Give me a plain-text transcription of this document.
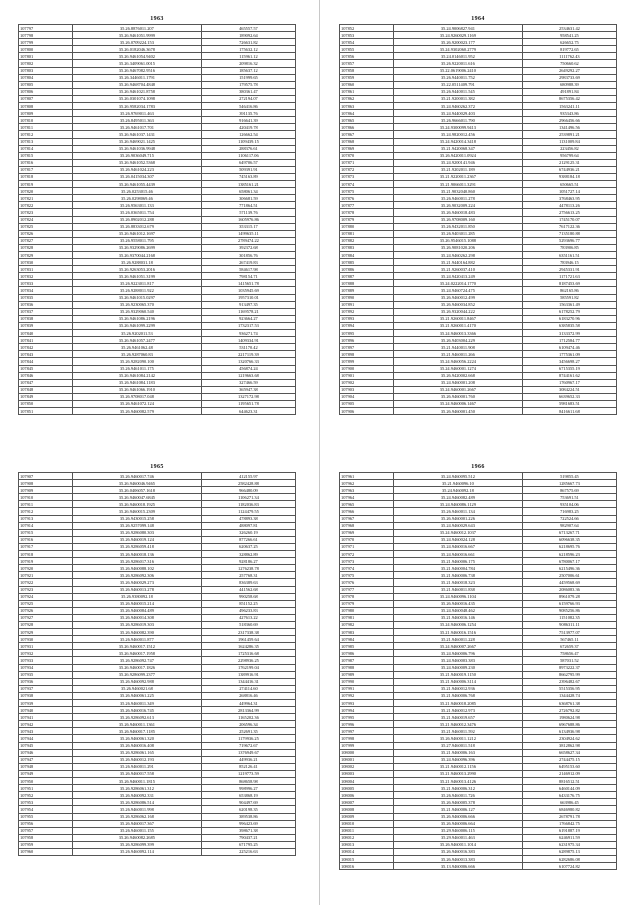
1963
107797	35.26.8876011.207	465557.57
107798	35.26.9461051.9999	189092.64
107799	35.26.0709224.153	726631.82
107800	35.26.0182046.3678	175632.12
107801	35.26.9461054.9402	115961.12
107802	35.26.3409061.0015	209816.32
107803	35.26.9467082.9516	185637.12
107804	35.26.3446011.1791	151999.65
107805	35.26.9468704.4848	179575.78
107806	35.26.9461021.8758	380361.47
107807	35.26.0301074.1098	272194.07
107808	35.26.9582034.1783	546416.86
107809	35.26.9769011.463	391135.76
107810	35.26.8495011.363	916641.39
107811	35.26.9461017.701	420419.78
107812	35.26.9461037.1431	126662.54
107813	35.26.9469021.1425	1109439.15
107814	35.26.9461036.9948	288376.61
107815	35.26.9036049.715	1106117.06
107816	35.26.9461052.5368	649706.57
107817	35.26.9461024.223	509391.91
107818	35.26.0415034.307	745163.89
107819	35.26.9461055.4439	1385161.21
107820	35.26.0253015.46	658061.34
107821	35.26.0298069.46	306681.59
107822	35.26.9563011.133	771864.51
107823	35.26.0365011.754	571139.76
107824	35.26.8902012.288	1605976.86
107825	35.26.8833012.679	353315.17
107826	35.26.9461012.1697	1499635.11
107827	35.26.9558011.795	2789474.22
107828	35.26.9329086.2699	392372.68
107829	35.26.9370044.2168	301856.76
107830	35.26.9288031.18	267419.83
107831	35.26.9263053.2016	584617.98
107832	35.26.9461051.3199	798154.71
107833	35.26.9223011.817	1415651.78
107834	35.26.9288011.922	1035945.69
107835	35.26.9461015.0297	1957310.01
107836	35.26.9230065.370	913497.35
107837	35.26.9329060.540	1169578.21
107838	35.26.9461086.2196	923664.27
107839	35.26.9461099.2299	1732317.53
107840	35.26.9202011.53	936271.74
107841	35.26.9461057.2477	1409334.91
107842	35.26.9461062.48	531170.42
107843	35.26.9287060.83	2217119.39
107844	35.26.9282090.100	1320766.33
107845	35.26.9461011.175	456874.24
107846	35.26.9461084.2142	1219663.68
107847	35.26.9461084.1183	327466.59
107848	35.26.9461066.1910	365947.38
107849	35.26.9708017.048	1327172.98
107850	35.26.9461072.124	1195651.78
107851	35.26.9460082.579	644623.31
1964
107852	35.24.9006827.941	2534631.42
107853	35.24.9260029.1169	958541.25
107854	35.26.9200023.177	626652.75
107855	35.24.9302060.2779	819772.65
107856	35.24.0146011.952	1111762.43
107857	35.26.9220011.616	750660.62
107858	35.22.0619006.2410	2649292.27
107859	35.26.9440011.752	2983733.69
107860	35.22.0511409.791	680988.39
107861	35.26.9440011.545	491891.84
107862	35.21.9200011.382	8675356.42
107863	35.24.9460262.372	1563241.11
107864	35.24.9440029.403	935343.86
107865	35.26.9666011.790	2966456.66
107866	35.24.9300099.9413	1341496.56
107867	35.24.9820012.456	2539891.21
107868	35.24.9420014.3418	1131009.84
107869	35.21.9420068.347	223456.82
107870	35.26.9420011.0924	956799.64
107871	35.24.9200141.946	2129125.31
107872	35.21.9202011.189	6744936.21
107873	35.21.9220011.2367	9388184.18
107874	35.21.9066011.3291	650665.51
107875	35.21.9032040.860	1051727.14
107876	35.26.9460011.278	3768463.95
107877	35.26.9032009.224	4478113.26
107878	35.26.9460018.483	2756613.25
107879	35.26.9708009.160	1745170.07
107880	35.26.9432011.850	7617122.36
107881	35.26.9403011.285	7135180.88
107882	35.26.9546015.1088	5293696.77
107883	35.26.9081020.206	783906.85
107884	35.24.9460262.298	6351161.51
107885	35.21.9440164.882	783946.15
107886	35.21.9260037.410	2945331.91
107887	35.24.9420413.249	1171721.63
107888	35.24.0222014.1770	8187453.69
107889	35.24.9460724.475	862165.86
107890	35.26.9460012.499	585591.82
107891	35.26.9460034.852	1563361.49
107892	35.26.9320044.222	6178252.79
107893	35.21.9260011.8467	6183270.96
107894	35.21.9260011.4170	6385835.58
107895	35.24.9460013.3366	3133372.99
107896	35.26.9403004.229	1712584.77
107897	35.21.9440011.908	6109474.46
107898	35.21.9460011.266	1775361.09
107899	35.24.9460056.2224	3456698.27
107900	35.24.9460001.1274	6715355.19
107901	35.26.9420002.668	8744161.62
107902	35.24.9460001.208	1760967.17
107903	35.24.9460001.2667	3084224.51
107904	35.26.9460001.760	6639652.33
107905	35.24.9460006.1467	5981683.51
107906	35.26.9460001.450	8416611.68
1965
107907	35.26.9460017.746	412155.97
107908	35.26.9460046.9465	2582428.88
107909	35.26.0406057.1618	966480.09
107910	35.26.9460047.6845	1106271.34
107911	35.26.9460018.1925	1182036.83
107912	35.26.9460015.2309	1124479.55
107913	35.26.9430015.258	478893.38
107914	35.26.9257099.148	488097.81
107915	35.26.9286080.303	326260.19
107916	35.26.9460019.124	877266.61
107917	35.26.9286059.418	620637.25
107918	35.26.9460018.136	328862.89
107919	35.26.9286017.316	928186.27
107920	35.26.9460088.102	1276238.78
107921	35.26.9286092.306	257768.31
107922	35.26.9460029.273	836389.63
107923	35.26.9460013.278	441562.68
107924	35.26.9380092.18	990258.68
107925	35.26.9460015.214	851152.25
107926	35.26.9460084.489	496233.83
107927	35.26.9460014.308	427613.22
107928	35.26.9286019.303	518360.69
107929	35.26.9460082.390	2317338.38
107930	35.26.9460011.877	1961459.64
107931	35.26.9460017.1512	1624286.35
107932	35.26.9460017.1958	1725316.68
107933	35.26.9286092.747	2298936.25
107934	35.26.9460017.1826	1762199.04
107935	35.26.9286099.2377	1389916.91
107936	35.26.9460092.988	1344416.31
107937	35.26.9460021.68	274114.60
107938	35.26.9460061.225	268816.46
107939	35.26.9460011.349	449964.31
107940	35.26.9460016.745	2813364.99
107941	35.26.9286092.613	1165202.36
107942	35.26.9460011.1361	206596.34
107943	35.26.9460017.1185	252691.35
107944	35.26.9460061.320	1179936.25
107945	35.26.9460016.408	719672.67
107946	35.26.9286061.165	1376949.67
107947	35.26.9460012.193	449936.21
107948	35.26.9460011.291	852126.41
107949	35.26.9460017.558	1219773.59
107950	35.26.9460011.1815	868658.98
107951	35.26.9286061.312	998996.27
107952	35.26.9460092.331	653868.19
107953	35.26.9286086.514	904497.69
107954	35.26.9460011.998	620198.35
107955	35.26.9286062.168	389538.86
107956	35.26.9460017.367	996423.69
107957	35.26.9460011.155	398671.38
107958	35.26.9460082.2685	790437.21
107959	35.26.9286099.399	671795.25
107960	35.26.9460092.114	225216.63
1966
107961	35.24.9460095.512	519855.45
107962	35.21.9460096.10	1285667.73
107963	35.24.9460092.18	867575.69
107964	35.24.9460082.489	753691.51
107965	35.24.9460086.1129	935104.06
107966	35.26.9460011.134	716983.25
107967	35.26.9460001.226	722524.66
107968	35.24.9460029.643	982907.64
107969	35.24.9460012.1037	6713267.71
107970	35.24.9460024.128	6096638.35
107971	35.24.9460016.667	6218695.76
107972	35.24.9460016.661	6218596.23
107973	35.21.9460006.175	6780067.17
107974	35.21.9460004.784	6215496.36
107975	35.21.9460006.738	2507006.61
107976	35.21.9460018.323	4459568.69
107977	35.21.9460011.838	2086083.36
107978	35.24.9460096.1104	8961079.28
107979	35.26.9460016.435	6159766.93
107980	35.24.9460048.462	9085256.86
107981	35.21.9460016.146	1151082.35
107982	35.24.9460006.1254	9086311.11
107983	35.21.9460016.1516	7513977.07
107984	35.21.9460011.228	567465.11
107985	35.24.9460007.2667	672659.37
107986	35.24.9460006.796	758656.47
107987	35.24.9460003.383	587031.52
107988	35.24.9460009.230	8973222.37
107989	35.21.9460019.1150	8662795.99
107990	35.21.9460006.3114	2396482.67
107991	35.21.9460012.936	5515356.95
107992	35.21.9460006.768	1344428.74
107993	35.21.9460018.2085	6368761.38
107994	35.21.9460012.973	2726792.82
107995	35.21.9460019.657	1980624.98
107996	35.21.9460012.3476	6967688.86
107997	35.21.9460011.592	6134936.98
107998	35.26.9460011.1212	2304924.62
107999	35.27.9460011.518	3812862.98
108000	35.21.9460006.163	6658627.34
108001	35.24.9460096.396	2744475.15
108002	35.21.9460012.1156	6495153.60
108003	35.21.9460013.2990	2146912.09
108004	35.21.9460013.4126	8816512.51
108005	35.21.9460006.312	6460144.09
108006	35.26.9460011.726	6433176.75
108007	35.26.9460005.378	663986.45
108008	35.21.9460006.127	6846980.82
108009	35.26.9460006.666	2678791.78
108010	35.26.9460006.664	1766842.75
108011	35.29.9460006.115	6191887.19
108012	35.29.9460011.463	6246911.59
108013	35.26.9460011.1014	6231975.34
108014	35.26.9460016.383	6289875.13
108015	35.26.9460013.383	6282686.08
108016	35.13.9460006.666	6107724.82
